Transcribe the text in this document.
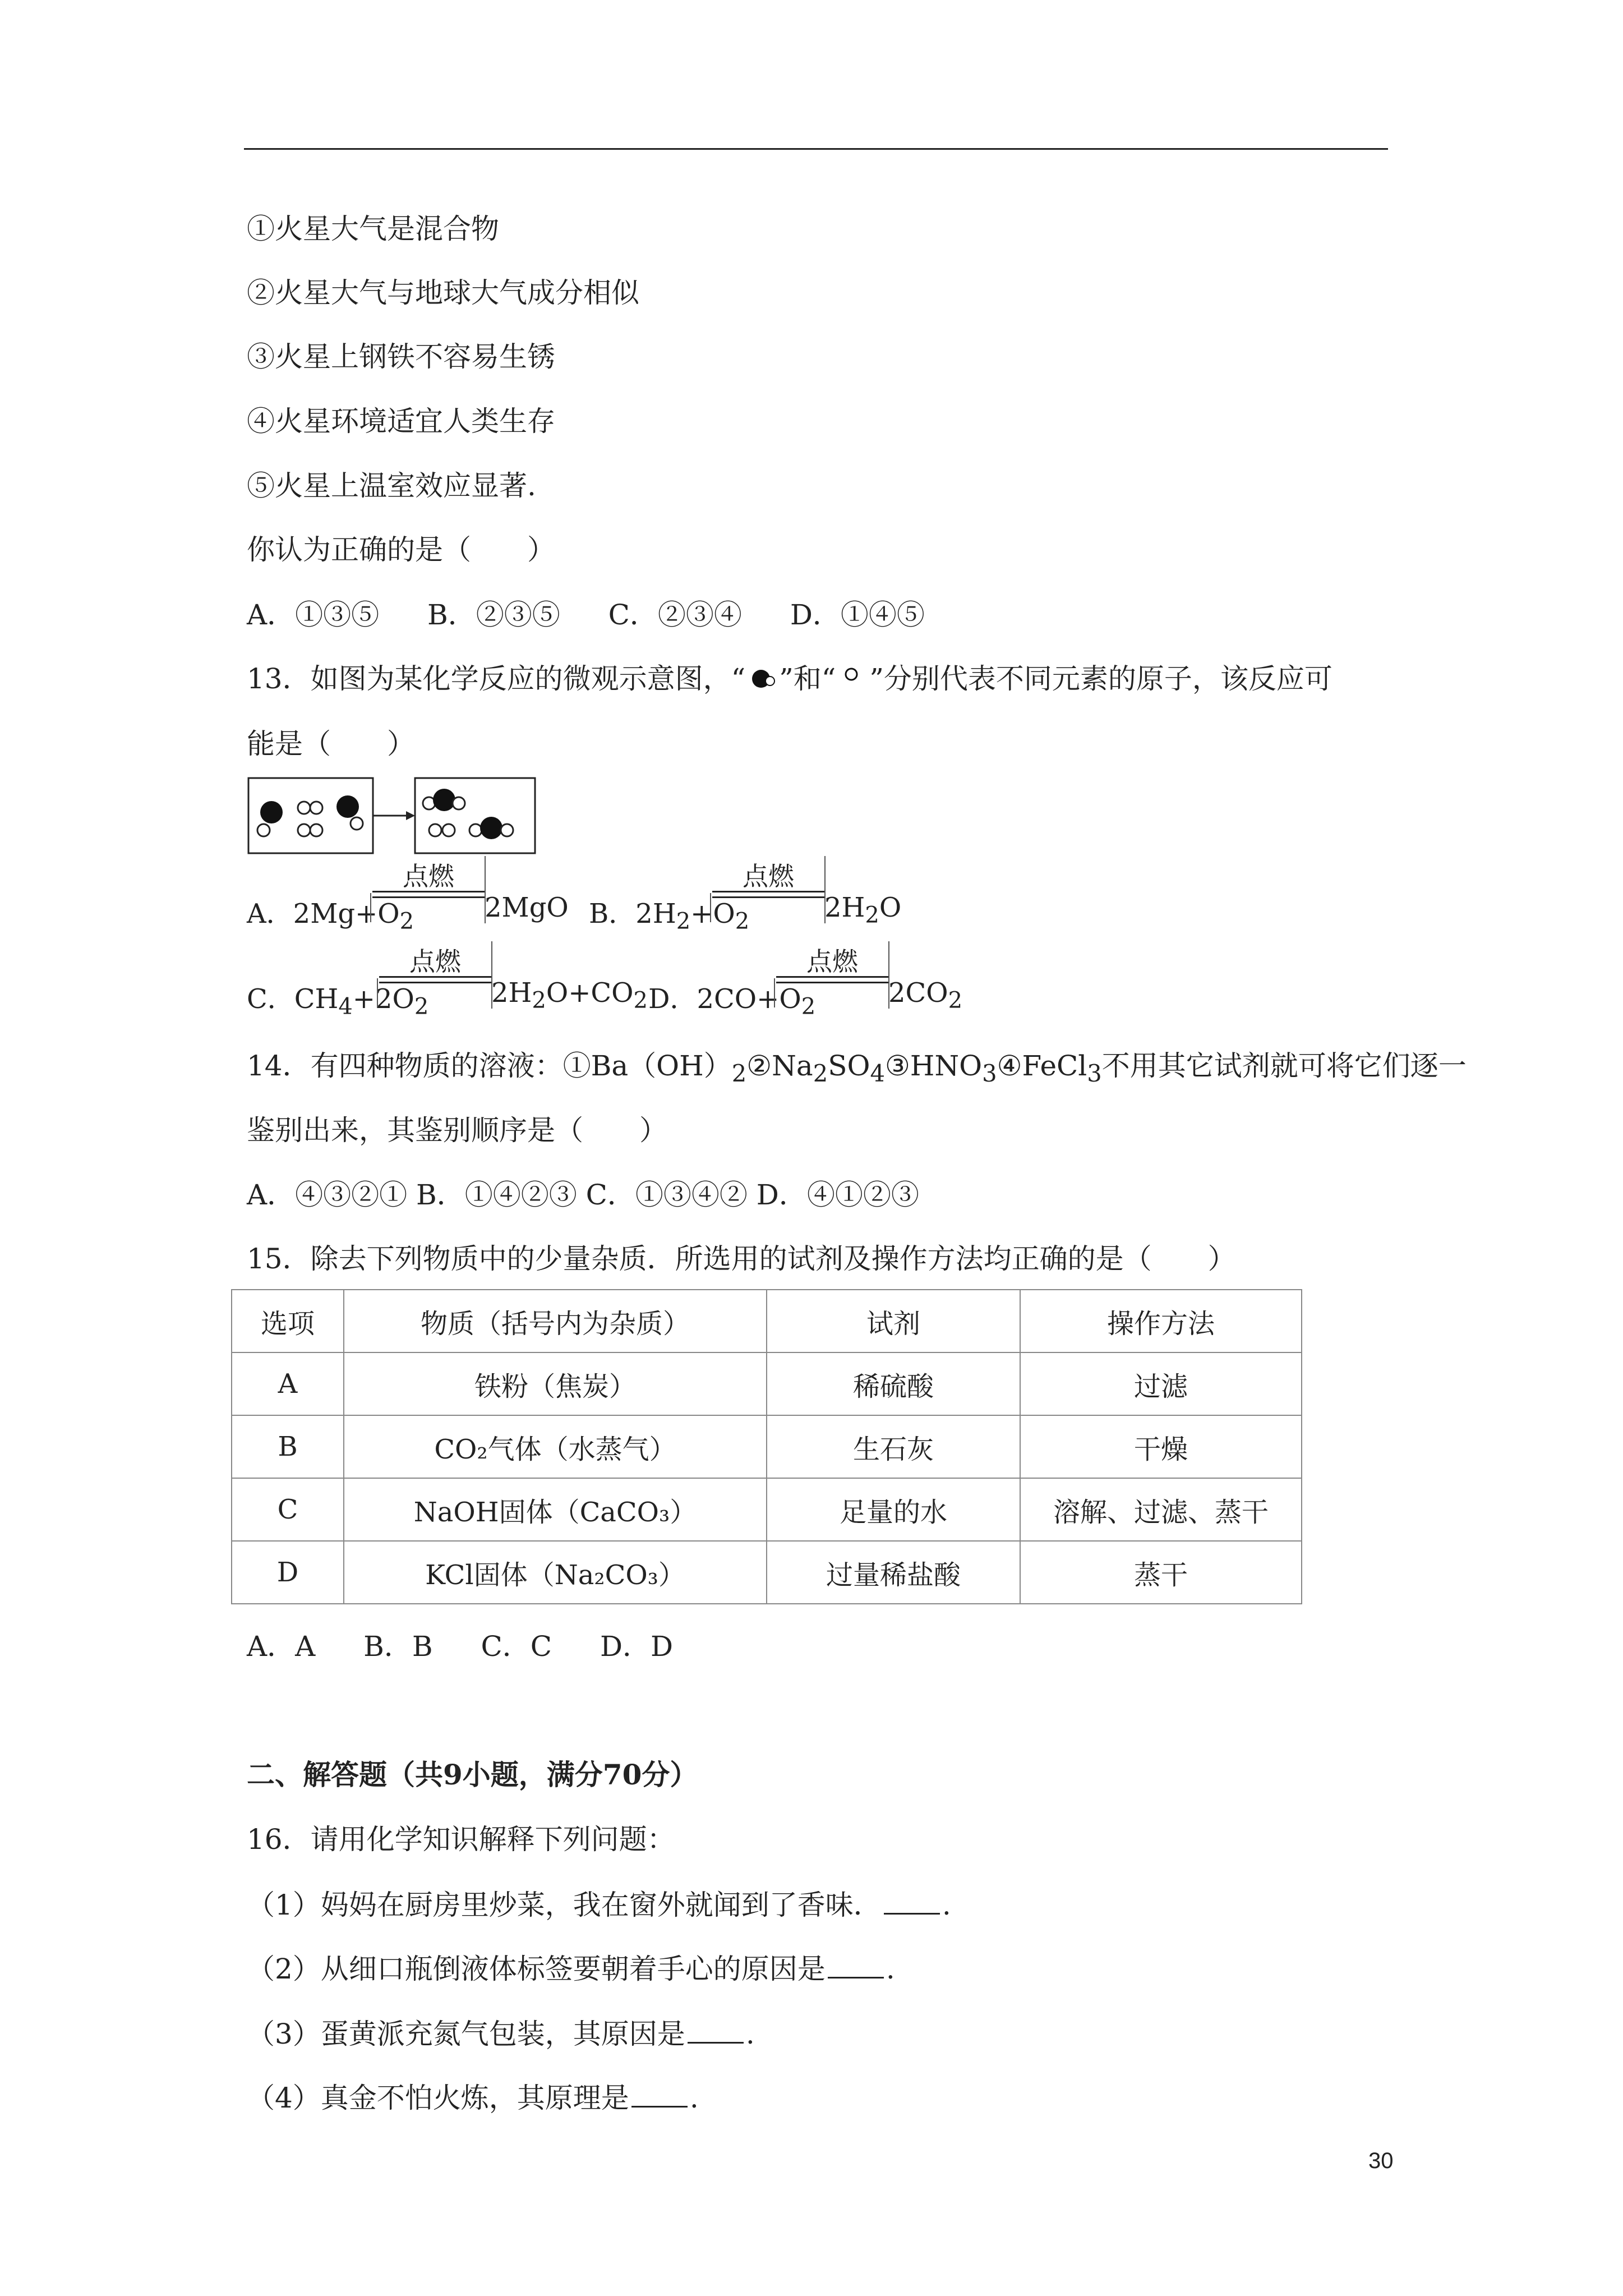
①火星大气是混合物
②火星大气与地球大气成分相似
③火星上钢铁不容易生锈
④火星环境适宜人类生存
⑤火星上温室效应显著.
你认为正确的是（　　）
A．①③⑤ B．②③⑤ C．②③④ D．①④⑤
13．如图为某化学反应的微观示意图，“ ”和“ ”分别代表不同元素的原子，该反应可
能是（　　）
A．$2Mg+O_2$
点燃
2MgO B．$2H_2+O_2$
点燃
$2H_2O$
C．$CH_4+2O_2$
点燃
$2H_2O+CO_2$ D．$2CO+O_2$
点燃
$2CO_2$
14．有四种物质的溶液：$①Ba(OH)_2②Na_2SO_4③HNO_3④FeCl_3$不用其它试剂就可将它们逐一
鉴别出来，其鉴别顺序是（　　）
A．④③②① B．①④②③ C．①③④② D．④①②③
15．除去下列物质中的少量杂质．所选用的试剂及操作方法均正确的是（　　）
选项	物质（括号内为杂质）	试剂	操作方法
A	铁粉（焦炭）	稀硫酸	过滤
B	CO₂气体（水蒸气）	生石灰	干燥
C	NaOH固体（CaCO₃）	足量的水	溶解、过滤、蒸干
D	KCl固体（Na₂CO₃）	过量稀盐酸	蒸干
A．A B．B C．C D．D
二、解答题（共9小题，满分70分）
16．请用化学知识解释下列问题：
（1）妈妈在厨房里炒菜，我在窗外就闻到了香味． .
（2）从细口瓶倒液体标签要朝着手心的原因是 .
（3）蛋黄派充氮气包装，其原因是 .
（4）真金不怕火炼，其原理是 .
30
